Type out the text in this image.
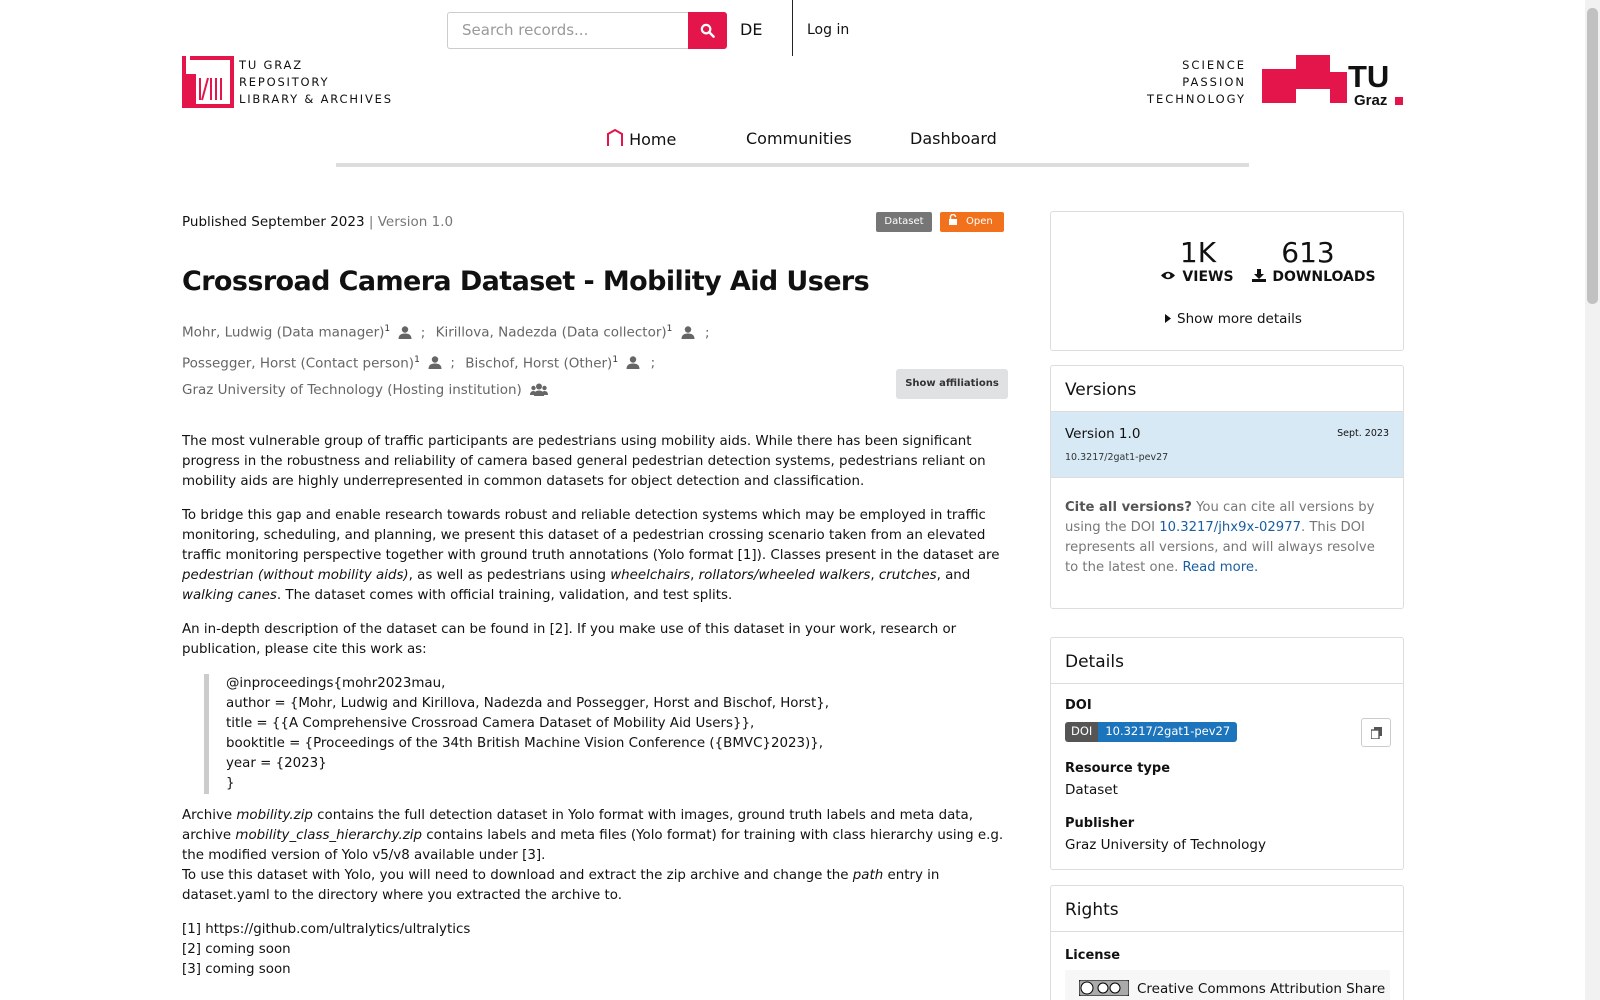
Search records...	DE	Log in
TU GRAZ
REPOSITORY
LIBRARY & ARCHIVES
SCIENCE
PASSION
TECHNOLOGY
TU
Graz
Home	Communities	Dashboard
Published September 2023 | Version 1.0	Dataset	Open
Crossroad Camera Dataset - Mobility Aid Users
Mohr, Ludwig (Data manager)$^1$ ; Kirillova, Nadezda (Data collector)$^1$ ;
Possegger, Horst (Contact person)$^1$ ; Bischof, Horst (Other)$^1$ ;
Graz University of Technology (Hosting institution)	Show affiliations

The most vulnerable group of traffic participants are pedestrians using mobility aids. While there has been significant progress in the robustness and reliability of camera based general pedestrian detection systems, pedestrians reliant on mobility aids are highly underrepresented in common datasets for object detection and classification.

To bridge this gap and enable research towards robust and reliable detection systems which may be employed in traffic monitoring, scheduling, and planning, we present this dataset of a pedestrian crossing scenario taken from an elevated traffic monitoring perspective together with ground truth annotations (Yolo format [1]). Classes present in the dataset are pedestrian (without mobility aids), as well as pedestrians using wheelchairs, rollators/wheeled walkers, crutches, and walking canes. The dataset comes with official training, validation, and test splits.

An in-depth description of the dataset can be found in [2]. If you make use of this dataset in your work, research or publication, please cite this work as:

@inproceedings{mohr2023mau,
author = {Mohr, Ludwig and Kirillova, Nadezda and Possegger, Horst and Bischof, Horst},
title = {{A Comprehensive Crossroad Camera Dataset of Mobility Aid Users}},
booktitle = {Proceedings of the 34th British Machine Vision Conference ({BMVC}2023)},
year = {2023}
}

Archive mobility.zip contains the full detection dataset in Yolo format with images, ground truth labels and meta data, archive mobility_class_hierarchy.zip contains labels and meta files (Yolo format) for training with class hierarchy using e.g. the modified version of Yolo v5/v8 available under [3].

To use this dataset with Yolo, you will need to download and extract the zip archive and change the path entry in dataset.yaml to the directory where you extracted the archive to.

[1] https://github.com/ultralytics/ultralytics
[2] coming soon
[3] coming soon
1K
VIEWS
613
DOWNLOADS
Show more details
Versions
Version 1.0	Sept. 2023
10.3217/2gat1-pev27
Cite all versions? You can cite all versions by using the DOI 10.3217/jhx9x-02977. This DOI represents all versions, and will always resolve to the latest one. Read more.
Details
DOI
DOI	10.3217/2gat1-pev27
Resource type
Dataset
Publisher
Graz University of Technology
Rights
License
Creative Commons Attribution Share
